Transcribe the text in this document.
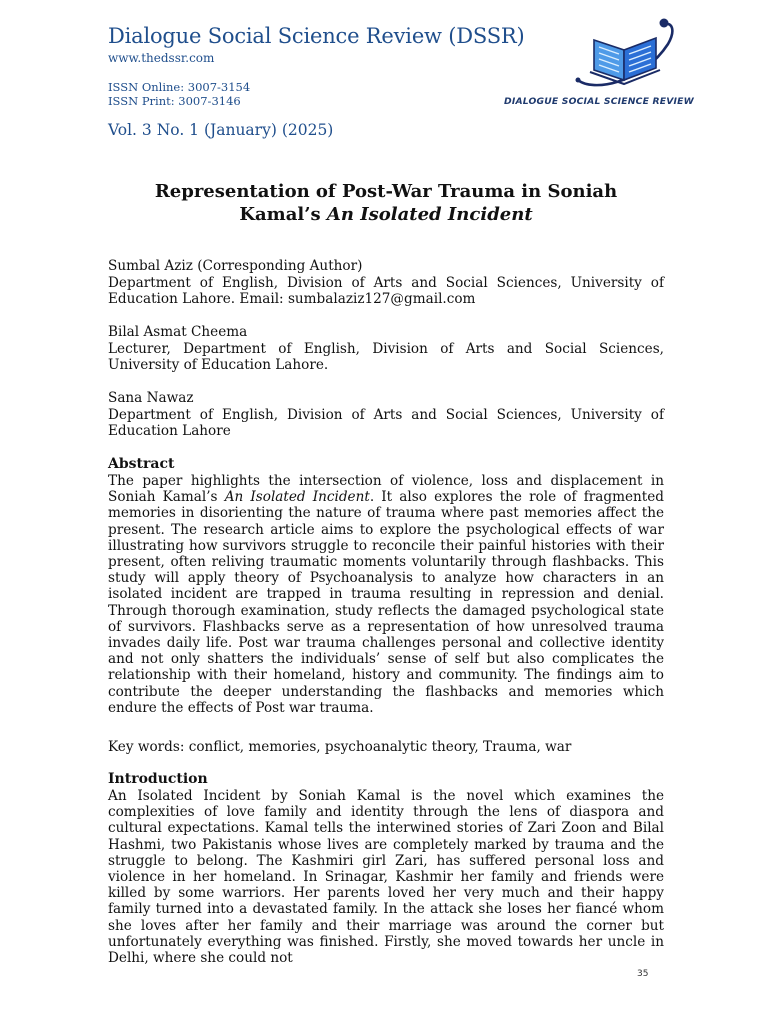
Dialogue Social Science Review (DSSR)
www.thedssr.com
ISSN Online: 3007-3154
ISSN Print: 3007-3146
Vol. 3 No. 1 (January) (2025)
DIALOGUE SOCIAL SCIENCE REVIEW
Representation of Post-War Trauma in Soniah
Kamal’s An Isolated Incident
Sumbal Aziz (Corresponding Author)
Department of English, Division of Arts and Social Sciences, University of Education Lahore. Email: sumbalaziz127@gmail.com
Bilal Asmat Cheema
Lecturer, Department of English, Division of Arts and Social Sciences, University of Education Lahore.
Sana Nawaz
Department of English, Division of Arts and Social Sciences, University of Education Lahore
Abstract
The paper highlights the intersection of violence, loss and displacement in Soniah Kamal’s An Isolated Incident. It also explores the role of fragmented memories in disorienting the nature of trauma where past memories affect the present. The research article aims to explore the psychological effects of war illustrating how survivors struggle to reconcile their painful histories with their present, often reliving traumatic moments voluntarily through flashbacks. This study will apply theory of Psychoanalysis to analyze how characters in an isolated incident are trapped in trauma resulting in repression and denial. Through thorough examination, study reflects the damaged psychological state of survivors. Flashbacks serve as a representation of how unresolved trauma invades daily life. Post war trauma challenges personal and collective identity and not only shatters the individuals’ sense of self but also complicates the relationship with their homeland, history and community. The findings aim to contribute the deeper understanding the flashbacks and memories which endure the effects of Post war trauma.
Key words: conflict, memories, psychoanalytic theory, Trauma, war
Introduction
An Isolated Incident by Soniah Kamal is the novel which examines the complexities of love family and identity through the lens of diaspora and cultural expectations. Kamal tells the interwined stories of Zari Zoon and Bilal Hashmi, two Pakistanis whose lives are completely marked by trauma and the struggle to belong. The Kashmiri girl Zari, has suffered personal loss and violence in her homeland. In Srinagar, Kashmir her family and friends were killed by some warriors. Her parents loved her very much and their happy family turned into a devastated family. In the attack she loses her fiancé whom she loves after her family and their marriage was around the corner but unfortunately everything was finished. Firstly, she moved towards her uncle in Delhi, where she could not
35
